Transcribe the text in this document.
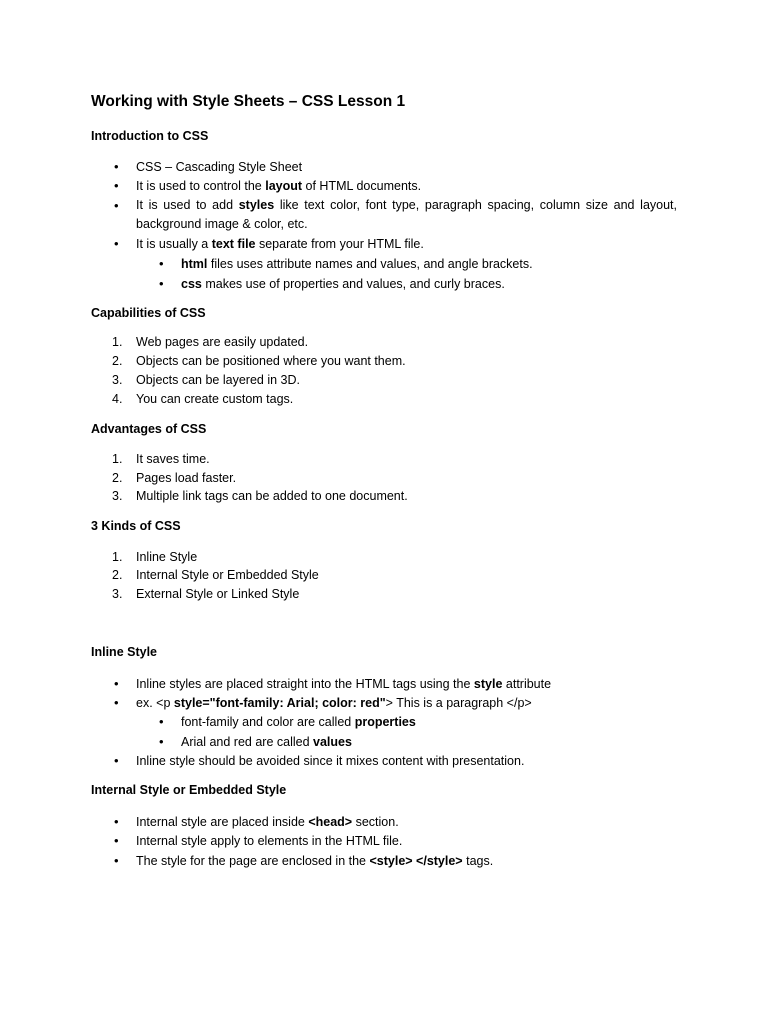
Working with Style Sheets – CSS Lesson 1
Introduction to CSS
• CSS – Cascading Style Sheet
• It is used to control the layout of HTML documents.
• It is used to add styles like text color, font type, paragraph spacing, column size and layout, background image & color, etc.
• It is usually a text file separate from your HTML file.
• html files uses attribute names and values, and angle brackets.
• css makes use of properties and values, and curly braces.
Capabilities of CSS
1. Web pages are easily updated.
2. Objects can be positioned where you want them.
3. Objects can be layered in 3D.
4. You can create custom tags.
Advantages of CSS
1. It saves time.
2. Pages load faster.
3. Multiple link tags can be added to one document.
3 Kinds of CSS
1. Inline Style
2. Internal Style or Embedded Style
3. External Style or Linked Style
Inline Style
• Inline styles are placed straight into the HTML tags using the style attribute
• ex. <p style="font-family: Arial; color: red"> This is a paragraph </p>
• font-family and color are called properties
• Arial and red are called values
• Inline style should be avoided since it mixes content with presentation.
Internal Style or Embedded Style
• Internal style are placed inside <head> section.
• Internal style apply to elements in the HTML file.
• The style for the page are enclosed in the <style> </style> tags.
